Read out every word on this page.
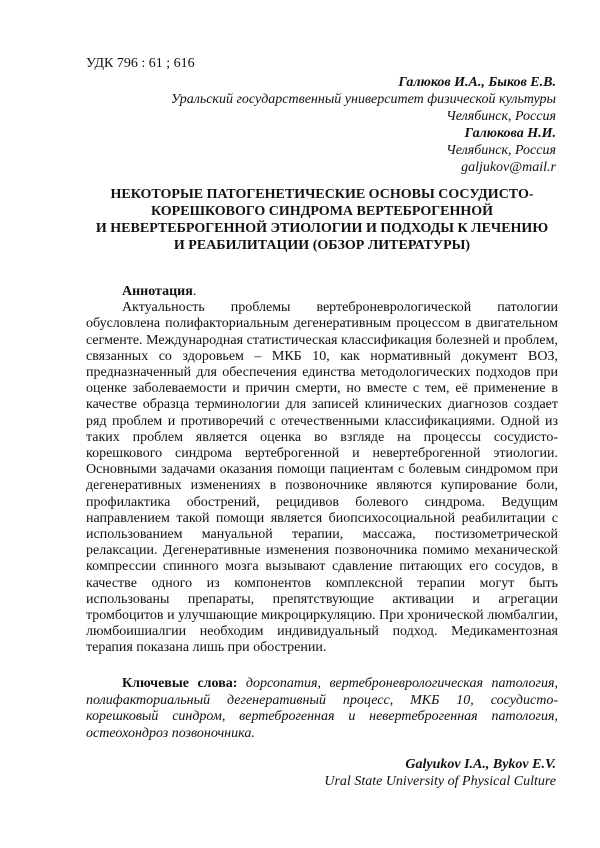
УДК 796 : 61 ; 616
Галюков И.А., Быков Е.В.
Уральский государственный университет физической культуры
Челябинск, Россия
Галюкова Н.И.
Челябинск, Россия
galjukov@mail.r
НЕКОТОРЫЕ ПАТОГЕНЕТИЧЕСКИЕ ОСНОВЫ СОСУДИСТО-
КОРЕШКОВОГО СИНДРОМА ВЕРТЕБРОГЕННОЙ
И НЕВЕРТЕБРОГЕННОЙ ЭТИОЛОГИИ И ПОДХОДЫ К ЛЕЧЕНИЮ
И РЕАБИЛИТАЦИИ (ОБЗОР ЛИТЕРАТУРЫ)
Аннотация.

Актуальность проблемы вертеброневрологической патологии обусловлена полифакториальным дегенеративным процессом в двигательном сегменте. Международная статистическая классификация болезней и проблем, связанных со здоровьем – МКБ 10, как нормативный документ ВОЗ, предназначенный для обеспечения единства методологических подходов при оценке заболеваемости и причин смерти, но вместе с тем, её применение в качестве образца терминологии для записей клинических диагнозов создает ряд проблем и противоречий с отечественными классификациями. Одной из таких проблем является оценка во взгляде на процессы сосудисто-корешкового синдрома вертеброгенной и невертеброгенной этиологии. Основными задачами оказания помощи пациентам с болевым синдромом при дегенеративных изменениях в позвоночнике являются купирование боли, профилактика обострений, рецидивов болевого синдрома. Ведущим направлением такой помощи является биопсихосоциальной реабилитации с использованием мануальной терапии, массажа, постизометрической релаксации. Дегенеративные изменения позвоночника помимо механической компрессии спинного мозга вызывают сдавление питающих его сосудов, в качестве одного из компонентов комплексной терапии могут быть использованы препараты, препятствующие активации и агрегации тромбоцитов и улучшающие микроциркуляцию. При хронической люмбалгии, люмбоишиалгии необходим индивидуальный подход. Медикаментозная терапия показана лишь при обострении.

Ключевые слова: дорсопатия, вертеброневрологическая патология, полифакториальный дегенеративный процесс, МКБ 10, сосудисто-корешковый синдром, вертеброгенная и невертеброгенная патология, остеохондроз позвоночника.
Galyukov I.A., Bykov E.V.
Ural State University of Physical Culture
